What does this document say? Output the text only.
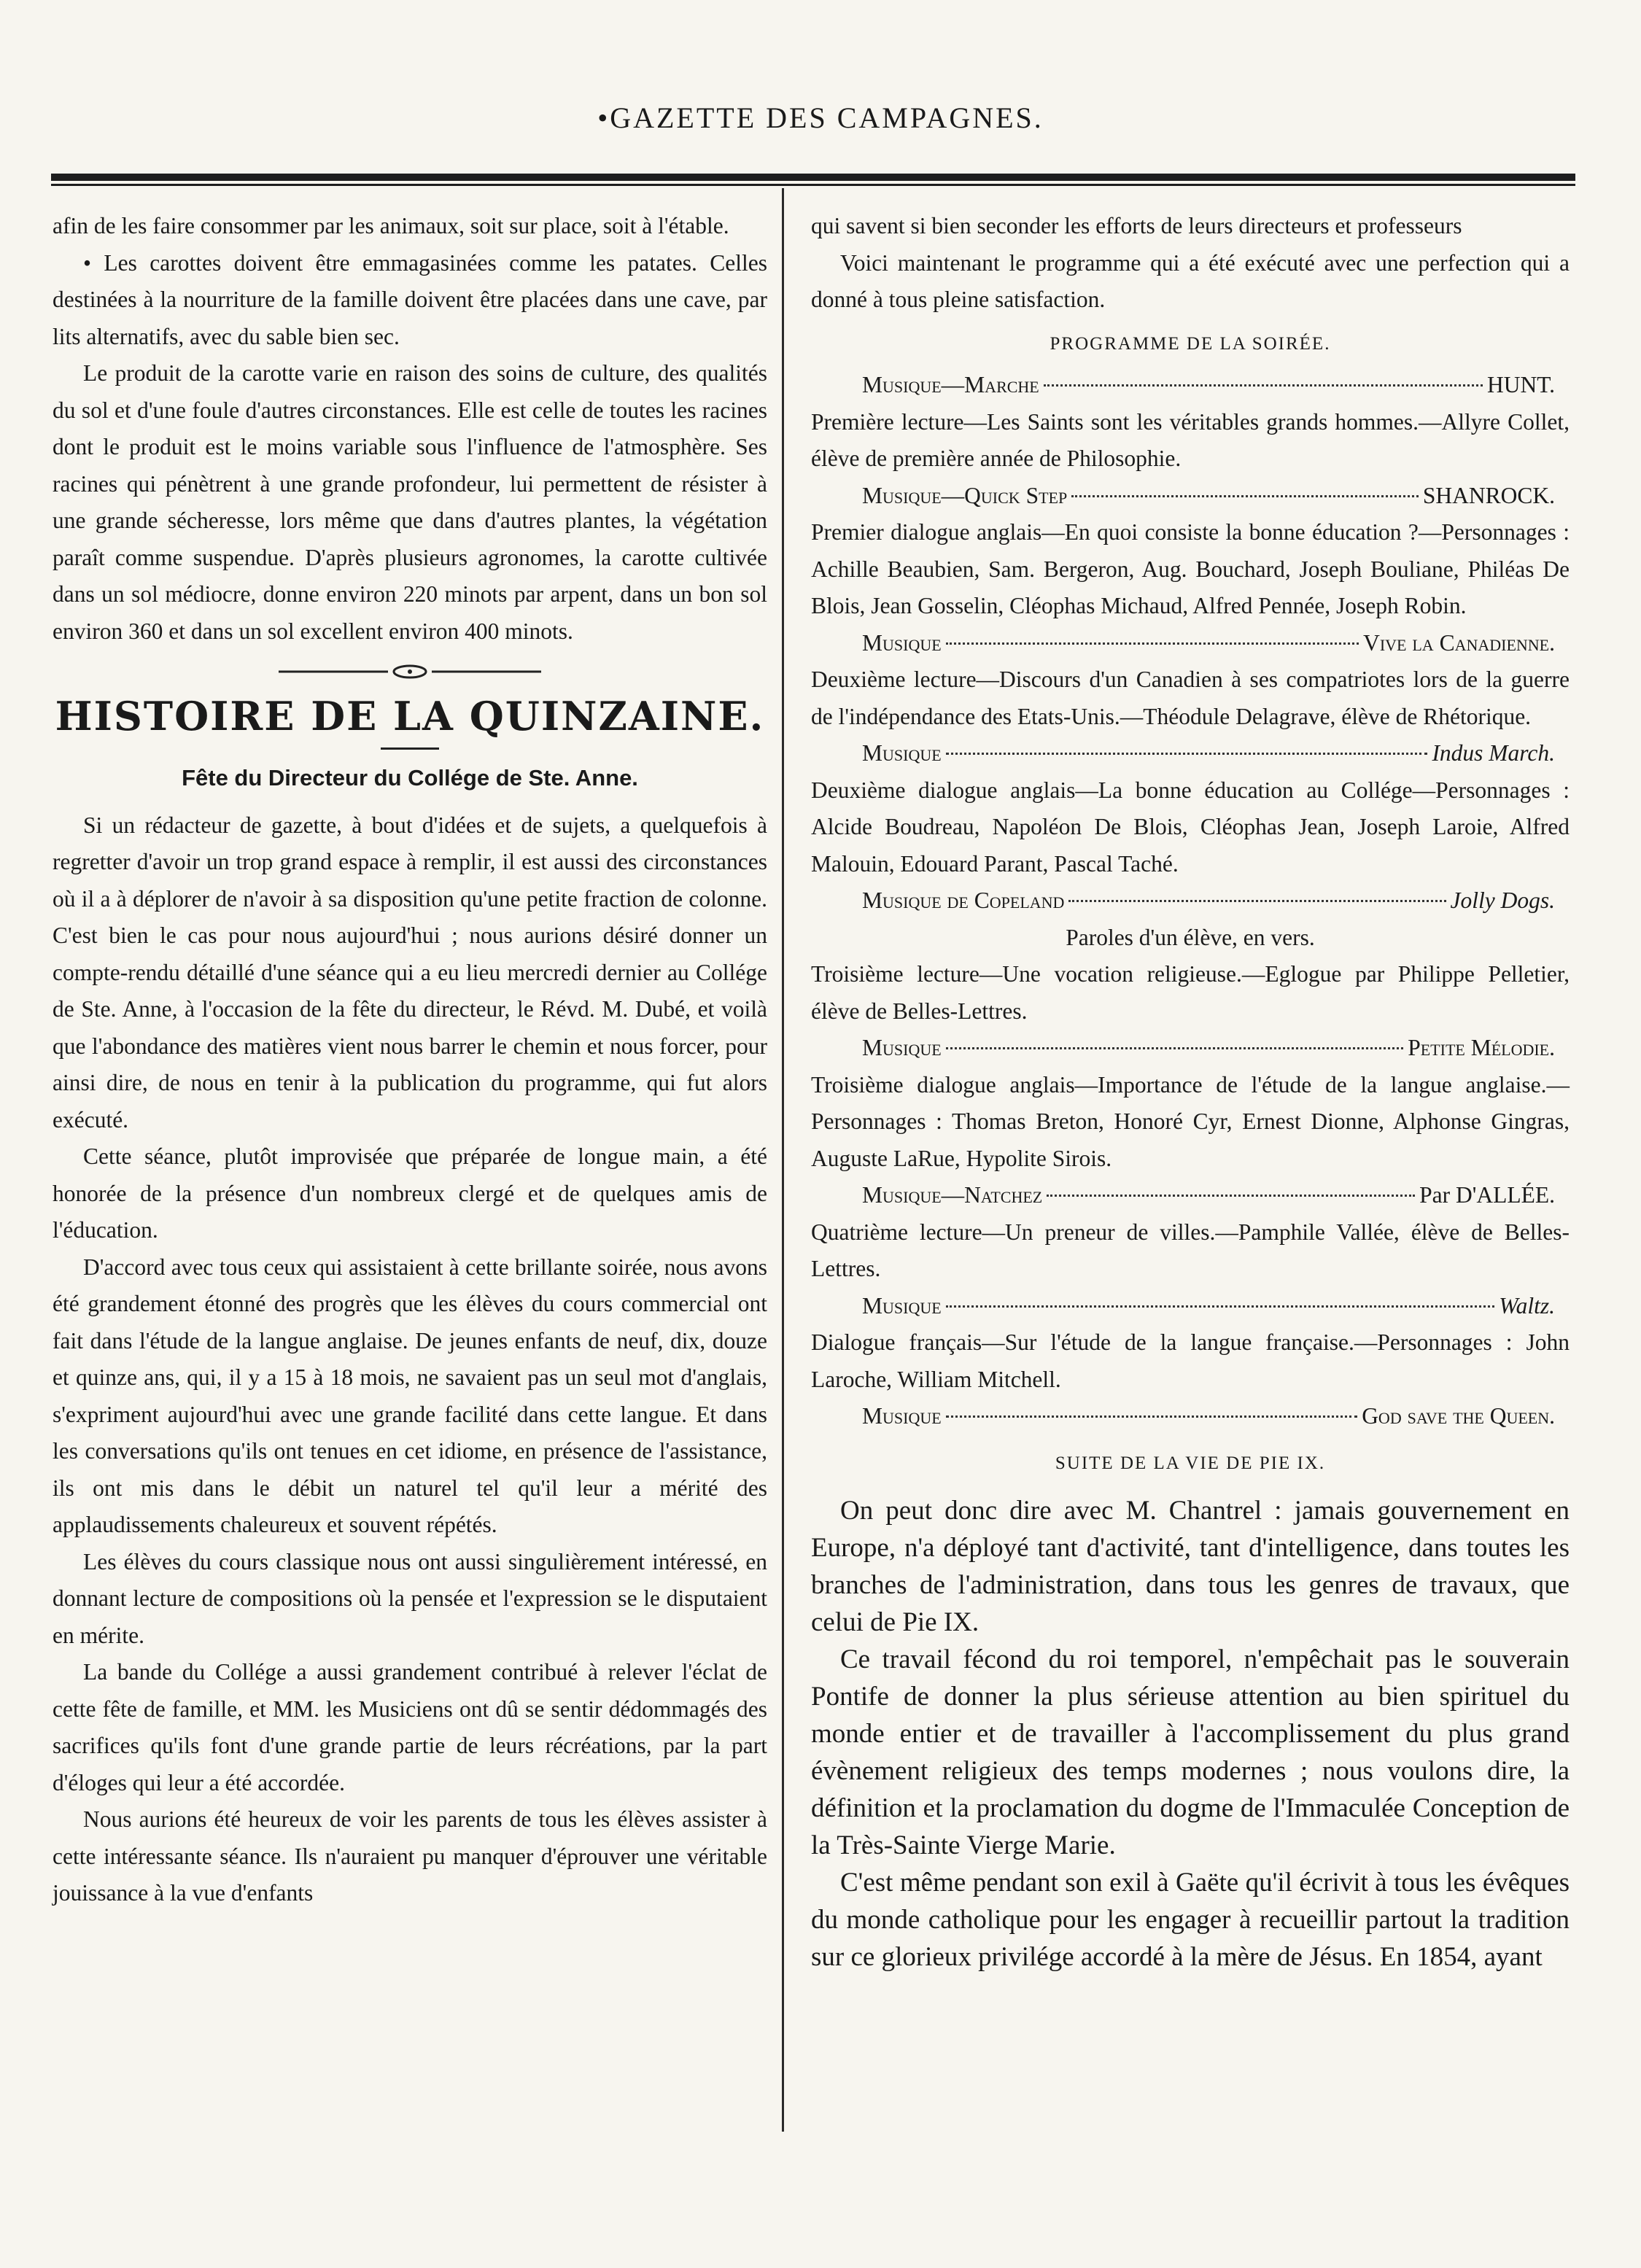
•GAZETTE DES CAMPAGNES.

afin de les faire consommer par les animaux, soit sur place, soit à l'étable.

• Les carottes doivent être emmagasinées comme les patates. Celles destinées à la nourriture de la famille doivent être placées dans une cave, par lits alternatifs, avec du sable bien sec.

Le produit de la carotte varie en raison des soins de culture, des qualités du sol et d'une foule d'autres circonstances. Elle est celle de toutes les racines dont le produit est le moins variable sous l'influence de l'atmosphère. Ses racines qui pénètrent à une grande profondeur, lui permettent de résister à une grande sécheresse, lors même que dans d'autres plantes, la végétation paraît comme suspendue. D'après plusieurs agronomes, la carotte cultivée dans un sol médiocre, donne environ 220 minots par arpent, dans un bon sol environ 360 et dans un sol excellent environ 400 minots.

HISTOIRE DE LA QUINZAINE.
Fête du Directeur du Collége de Ste. Anne.

Si un rédacteur de gazette, à bout d'idées et de sujets, a quelquefois à regretter d'avoir un trop grand espace à remplir, il est aussi des circonstances où il a à déplorer de n'avoir à sa disposition qu'une petite fraction de colonne. C'est bien le cas pour nous aujourd'hui ; nous aurions désiré donner un compte-rendu détaillé d'une séance qui a eu lieu mercredi dernier au Collége de Ste. Anne, à l'occasion de la fête du directeur, le Révd. M. Dubé, et voilà que l'abondance des matières vient nous barrer le chemin et nous forcer, pour ainsi dire, de nous en tenir à la publication du programme, qui fut alors exécuté.

Cette séance, plutôt improvisée que préparée de longue main, a été honorée de la présence d'un nombreux clergé et de quelques amis de l'éducation.

D'accord avec tous ceux qui assistaient à cette brillante soirée, nous avons été grandement étonné des progrès que les élèves du cours commercial ont fait dans l'étude de la langue anglaise. De jeunes enfants de neuf, dix, douze et quinze ans, qui, il y a 15 à 18 mois, ne savaient pas un seul mot d'anglais, s'expriment aujourd'hui avec une grande facilité dans cette langue. Et dans les conversations qu'ils ont tenues en cet idiome, en présence de l'assistance, ils ont mis dans le débit un naturel tel qu'il leur a mérité des applaudissements chaleureux et souvent répétés.

Les élèves du cours classique nous ont aussi singulièrement intéressé, en donnant lecture de compositions où la pensée et l'expression se le disputaient en mérite.

La bande du Collége a aussi grandement contribué à relever l'éclat de cette fête de famille, et MM. les Musiciens ont dû se sentir dédommagés des sacrifices qu'ils font d'une grande partie de leurs récréations, par la part d'éloges qui leur a été accordée.

Nous aurions été heureux de voir les parents de tous les élèves assister à cette intéressante séance. Ils n'auraient pu manquer d'éprouver une véritable jouissance à la vue d'enfants

qui savent si bien seconder les efforts de leurs directeurs et professeurs

Voici maintenant le programme qui a été exécuté avec une perfection qui a donné à tous pleine satisfaction.

PROGRAMME DE LA SOIRÉE.
Musique—Marche	HUNT.

Première lecture—Les Saints sont les véritables grands hommes.—Allyre Collet, élève de première année de Philosophie.

Musique—Quick Step	SHANROCK.

Premier dialogue anglais—En quoi consiste la bonne éducation ?—Personnages : Achille Beaubien, Sam. Bergeron, Aug. Bouchard, Joseph Bouliane, Philéas De Blois, Jean Gosselin, Cléophas Michaud, Alfred Pennée, Joseph Robin.

Musique	Vive la Canadienne.

Deuxième lecture—Discours d'un Canadien à ses compatriotes lors de la guerre de l'indépendance des Etats-Unis.—Théodule Delagrave, élève de Rhétorique.

Musique	Indus March.

Deuxième dialogue anglais—La bonne éducation au Collége—Personnages : Alcide Boudreau, Napoléon De Blois, Cléophas Jean, Joseph Laroie, Alfred Malouin, Edouard Parant, Pascal Taché.

Musique de Copeland	Jolly Dogs.

Paroles d'un élève, en vers.

Troisième lecture—Une vocation religieuse.—Eglogue par Philippe Pelletier, élève de Belles-Lettres.

Musique	Petite Mélodie.

Troisième dialogue anglais—Importance de l'étude de la langue anglaise.—Personnages : Thomas Breton, Honoré Cyr, Ernest Dionne, Alphonse Gingras, Auguste LaRue, Hypolite Sirois.

Musique—Natchez	Par D'ALLÉE.

Quatrième lecture—Un preneur de villes.—Pamphile Vallée, élève de Belles-Lettres.

Musique	Waltz.

Dialogue français—Sur l'étude de la langue française.—Personnages : John Laroche, William Mitchell.

Musique	God save the Queen.
SUITE DE LA VIE DE PIE IX.

On peut donc dire avec M. Chantrel : jamais gouvernement en Europe, n'a déployé tant d'activité, tant d'intelligence, dans toutes les branches de l'administration, dans tous les genres de travaux, que celui de Pie IX.

Ce travail fécond du roi temporel, n'empêchait pas le souverain Pontife de donner la plus sérieuse attention au bien spirituel du monde entier et de travailler à l'accomplissement du plus grand évènement religieux des temps modernes ; nous voulons dire, la définition et la proclamation du dogme de l'Immaculée Conception de la Très-Sainte Vierge Marie.

C'est même pendant son exil à Gaëte qu'il écrivit à tous les évêques du monde catholique pour les engager à recueillir partout la tradition sur ce glorieux privilége accordé à la mère de Jésus. En 1854, ayant
